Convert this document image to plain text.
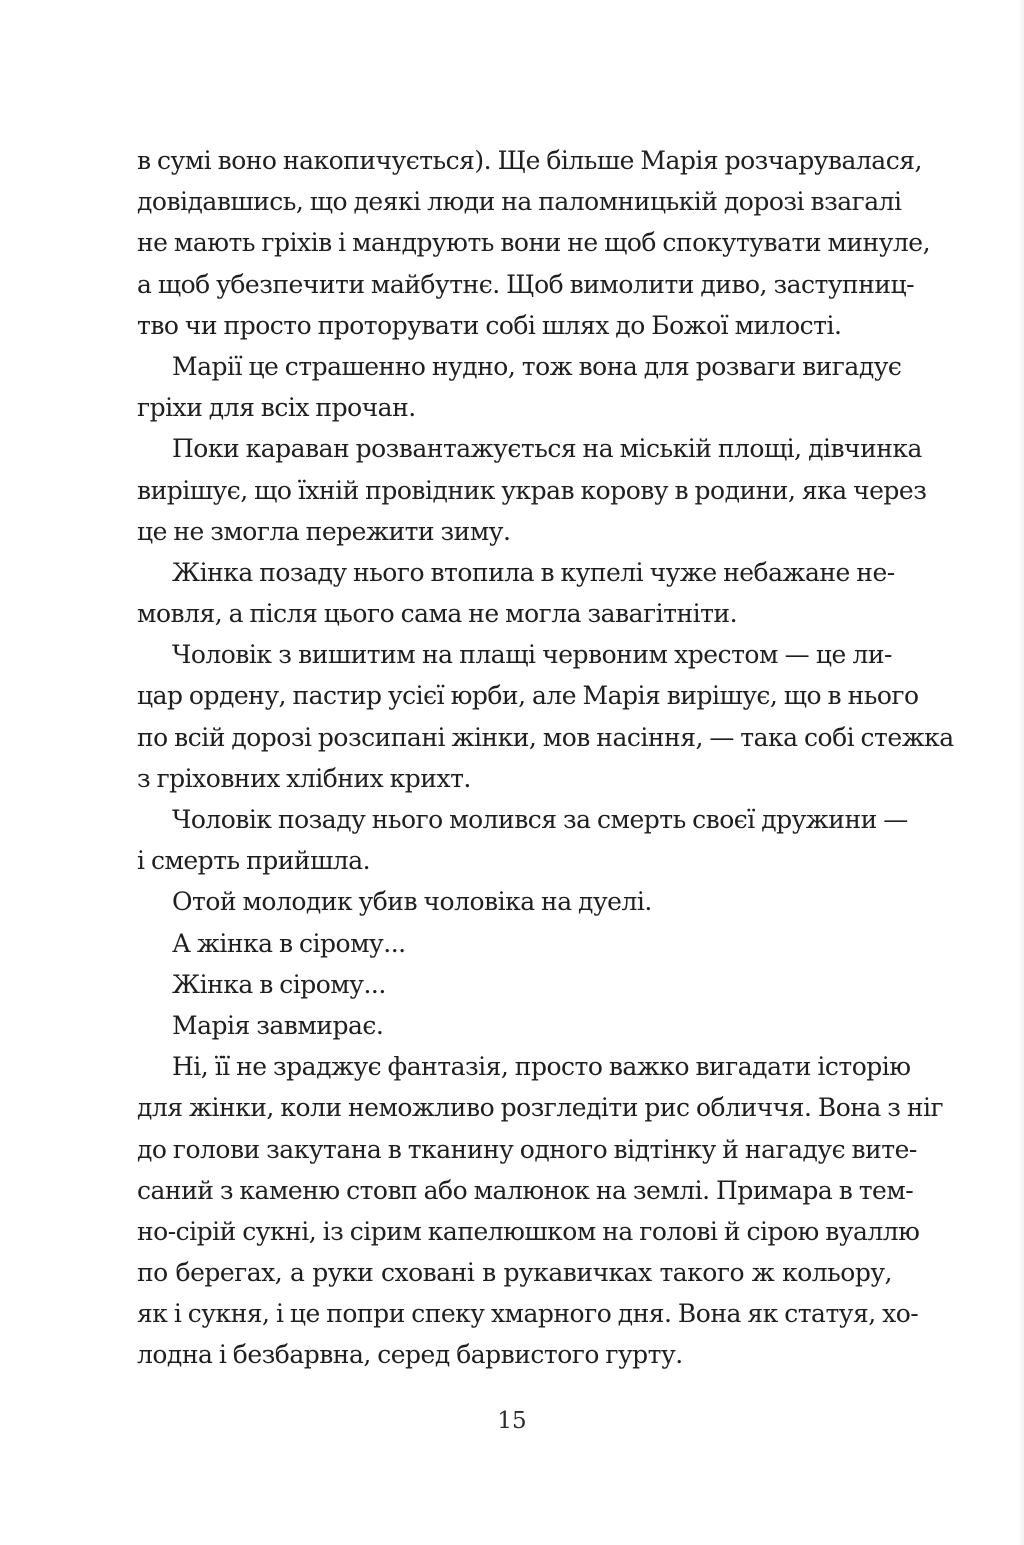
в сумі воно накопичується). Ще більше Марія розчарувалася,
довідавшись, що деякі люди на паломницькій дорозі взагалі
не мають гріхів і мандрують вони не щоб спокутувати минуле,
а щоб убезпечити майбутнє. Щоб вимолити диво, заступниц-
тво чи просто проторувати собі шлях до Божої милості.
Марії це страшенно нудно, тож вона для розваги вигадує
гріхи для всіх прочан.
Поки караван розвантажується на міській площі, дівчинка
вирішує, що їхній провідник украв корову в родини, яка через
це не змогла пережити зиму.
Жінка позаду нього втопила в купелі чуже небажане не-
мовля, а після цього сама не могла завагітніти.
Чоловік з вишитим на плащі червоним хрестом — це ли-
цар ордену, пастир усієї юрби, але Марія вирішує, що в нього
по всій дорозі розсипані жінки, мов насіння, — така собі стежка
з гріховних хлібних крихт.
Чоловік позаду нього молився за смерть своєї дружини —
і смерть прийшла.
Отой молодик убив чоловіка на дуелі.
А жінка в сірому...
Жінка в сірому...
Марія завмирає.
Ні, її не зраджує фантазія, просто важко вигадати історію
для жінки, коли неможливо розгледіти рис обличчя. Вона з ніг
до голови закутана в тканину одного відтінку й нагадує вите-
саний з каменю стовп або малюнок на землі. Примара в тем-
но-сірій сукні, із сірим капелюшком на голові й сірою вуаллю
по берегах, а руки сховані в рукавичках такого ж кольору,
як і сукня, і це попри спеку хмарного дня. Вона як статуя, хо-
лодна і безбарвна, серед барвистого гурту.
15
